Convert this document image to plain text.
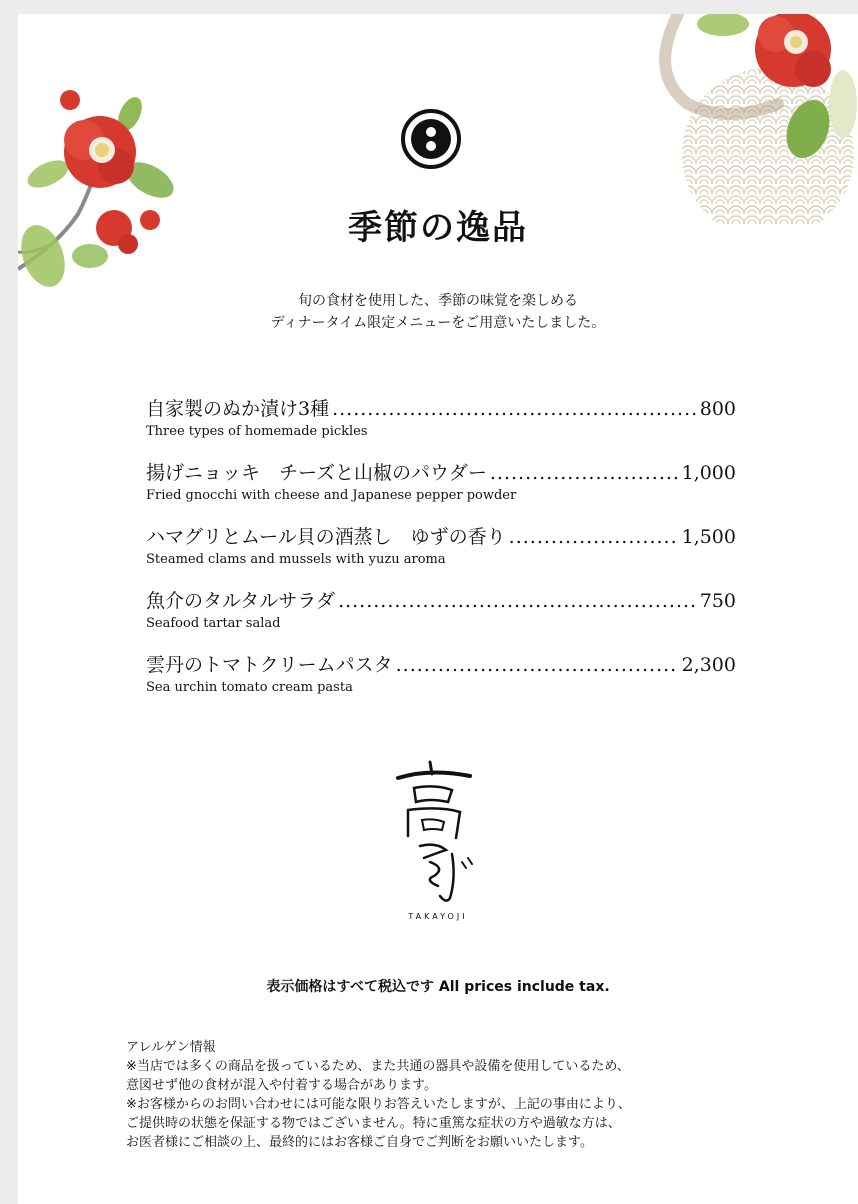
季節の逸品
旬の食材を使用した、季節の味覚を楽しめる
ディナータイム限定メニューをご用意いたしました。
自家製のぬか漬け3種 .....	800
Three types of homemade pickles
揚げニョッキ　チーズと山椒のパウダー .....	1,000
Fried gnocchi with cheese and Japanese pepper powder
ハマグリとムール貝の酒蒸し　ゆずの香り .....	1,500
Steamed clams and mussels with yuzu aroma
魚介のタルタルサラダ .....	750
Seafood tartar salad
雲丹のトマトクリームパスタ .....	2,300
Sea urchin tomato cream pasta
TAKAYOJI
表示価格はすべて税込です All prices include tax.
アレルゲン情報
※当店では多くの商品を扱っているため、また共通の器具や設備を使用しているため、
意図せず他の食材が混入や付着する場合があります。
※お客様からのお問い合わせには可能な限りお答えいたしますが、上記の事由により、
ご提供時の状態を保証する物ではございません。特に重篤な症状の方や過敏な方は、
お医者様にご相談の上、最終的にはお客様ご自身でご判断をお願いいたします。
